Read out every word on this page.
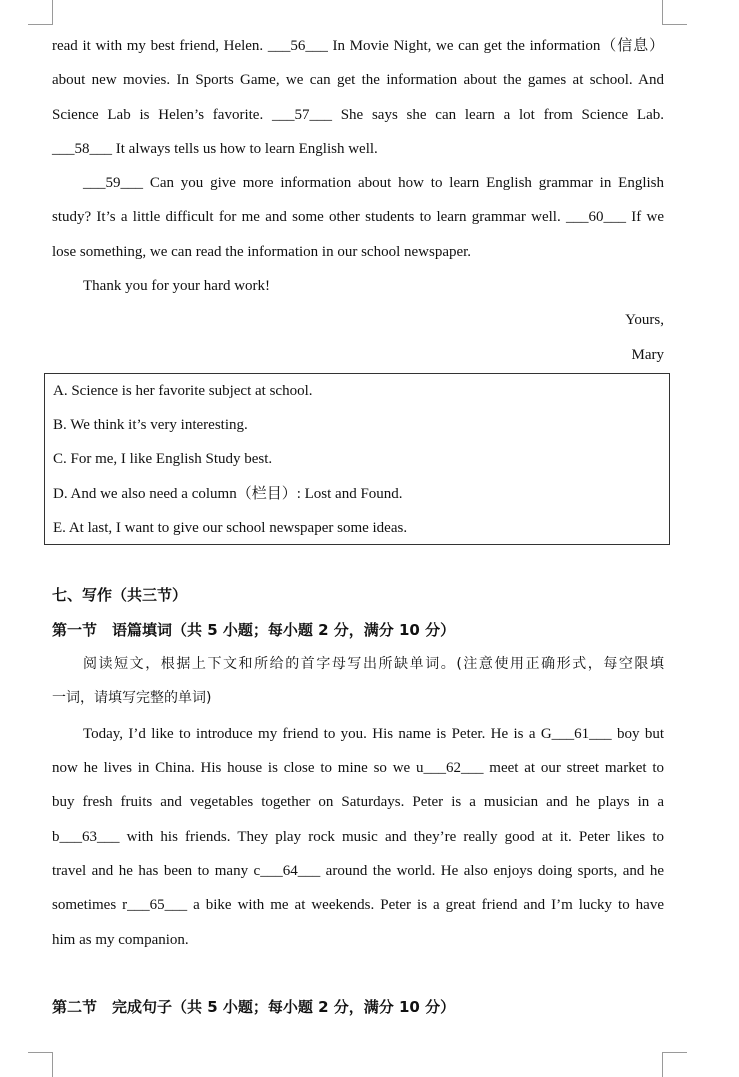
read it with my best friend, Helen. ___56___ In Movie Night, we can get the information（信息）
about new movies. In Sports Game, we can get the information about the games at school. And
Science Lab is Helen’s favorite. ___57___ She says she can learn a lot from Science Lab.
___58___ It always tells us how to learn English well.
___59___ Can you give more information about how to learn English grammar in English
study? It’s a little difficult for me and some other students to learn grammar well. ___60___ If we
lose something, we can read the information in our school newspaper.
Thank you for your hard work!
Yours,
Mary
A. Science is her favorite subject at school.
B. We think it’s very interesting.
C. For me, I like English Study best.
D. And we also need a column（栏目）: Lost and Found.
E. At last, I want to give our school newspaper some ideas.
七、写作（共三节）
第一节　语篇填词（共 5 小题；每小题 2 分，满分 10 分）
阅读短文，根据上下文和所给的首字母写出所缺单词。(注意使用正确形式，每空限填
一词，请填写完整的单词)
Today, I’d like to introduce my friend to you. His name is Peter. He is a G___61___ boy but
now he lives in China. His house is close to mine so we u___62___ meet at our street market to
buy fresh fruits and vegetables together on Saturdays. Peter is a musician and he plays in a
b___63___ with his friends. They play rock music and they’re really good at it. Peter likes to
travel and he has been to many c___64___ around the world. He also enjoys doing sports, and he
sometimes r___65___ a bike with me at weekends. Peter is a great friend and I’m lucky to have
him as my companion.
第二节　完成句子（共 5 小题；每小题 2 分，满分 10 分）
